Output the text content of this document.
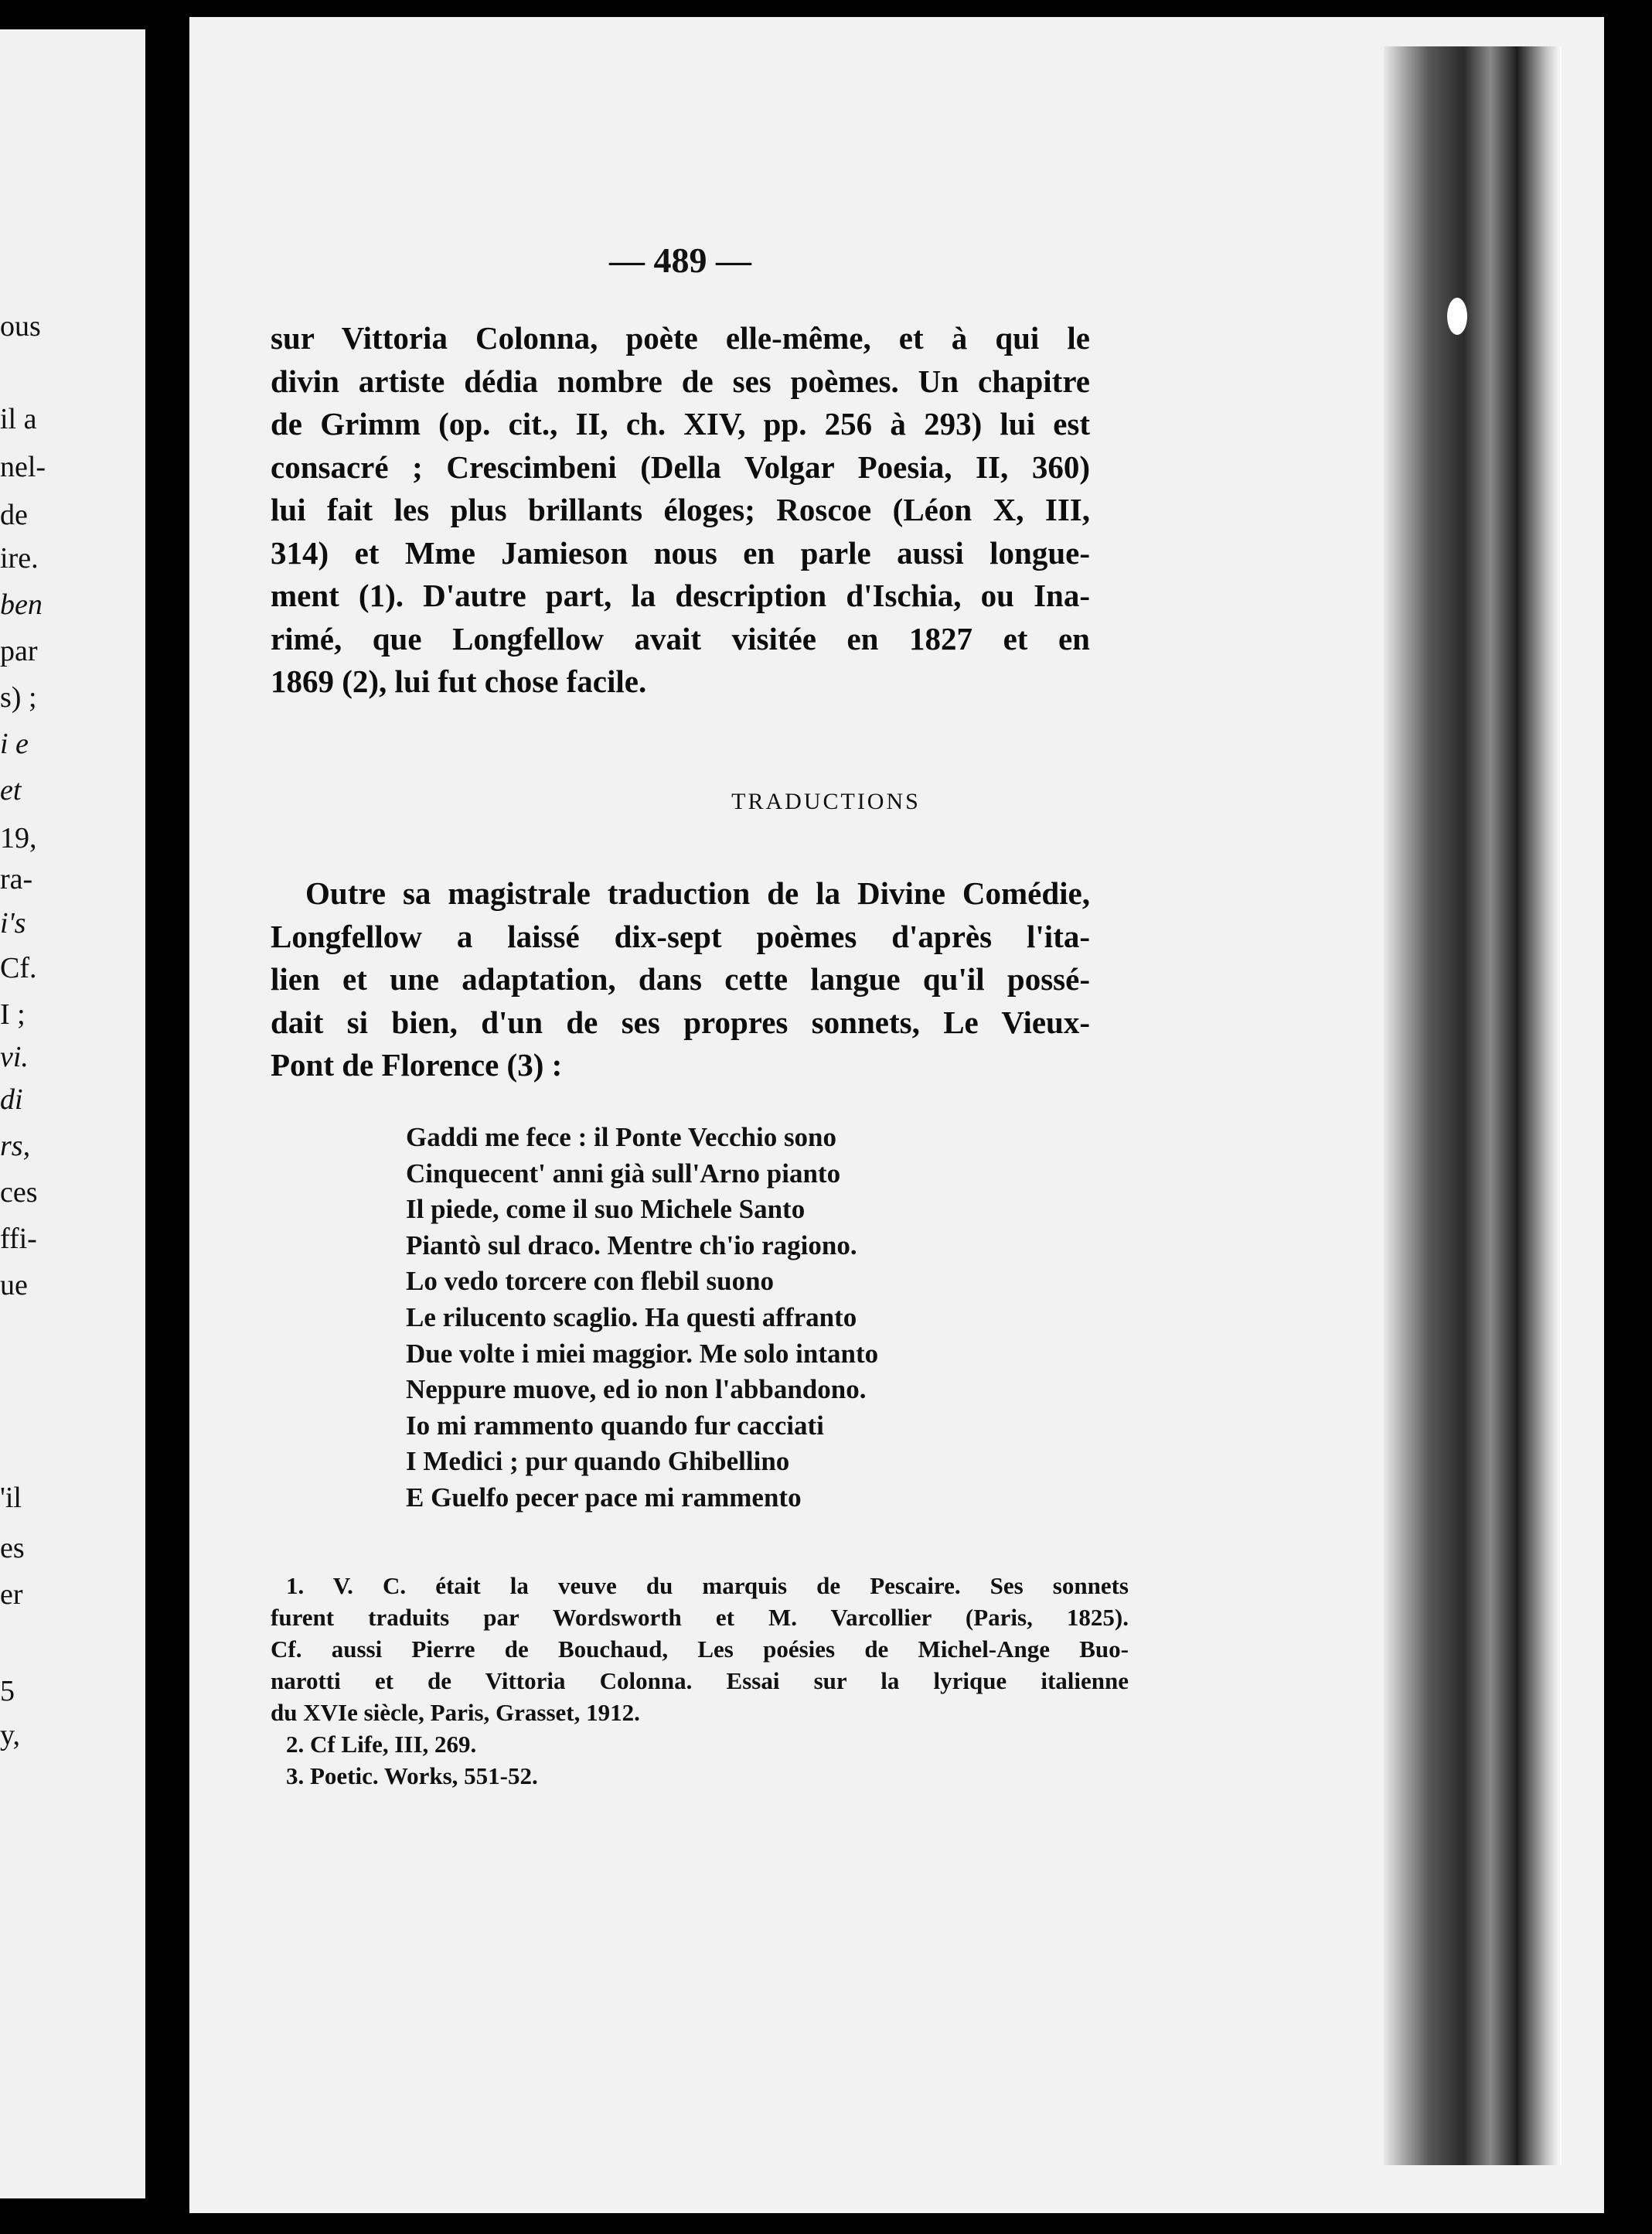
ous
il a
nel-
de
ire.
ben
par
s) ;
i e
et
19,
ra-
i's
Cf.
I ;
vi.
di
rs,
ces
ffi-
ue
'il
es
er
5
y,
— 489 —
sur Vittoria Colonna, poète elle-même, et à qui le
divin artiste dédia nombre de ses poèmes. Un chapitre
de Grimm (op. cit., II, ch. XIV, pp. 256 à 293) lui est
consacré ; Crescimbeni (Della Volgar Poesia, II, 360)
lui fait les plus brillants éloges; Roscoe (Léon X, III,
314) et Mme Jamieson nous en parle aussi longue-
ment (1). D'autre part, la description d'Ischia, ou Ina-
rimé, que Longfellow avait visitée en 1827 et en
1869 (2), lui fut chose facile.
TRADUCTIONS
Outre sa magistrale traduction de la Divine Comédie,
Longfellow a laissé dix-sept poèmes d'après l'ita-
lien et une adaptation, dans cette langue qu'il possé-
dait si bien, d'un de ses propres sonnets, Le Vieux-
Pont de Florence (3) :
Gaddi me fece : il Ponte Vecchio sono
Cinquecent' anni già sull'Arno pianto
Il piede, come il suo Michele Santo
Piantò sul draco. Mentre ch'io ragiono.
Lo vedo torcere con flebil suono
Le rilucento scaglio. Ha questi affranto
Due volte i miei maggior. Me solo intanto
Neppure muove, ed io non l'abbandono.
Io mi rammento quando fur cacciati
I Medici ; pur quando Ghibellino
E Guelfo pecer pace mi rammento
1. V. C. était la veuve du marquis de Pescaire. Ses sonnets
furent traduits par Wordsworth et M. Varcollier (Paris, 1825).
Cf. aussi Pierre de Bouchaud, Les poésies de Michel-Ange Buo-
narotti et de Vittoria Colonna. Essai sur la lyrique italienne
du XVIe siècle, Paris, Grasset, 1912.
2. Cf Life, III, 269.
3. Poetic. Works, 551-52.
